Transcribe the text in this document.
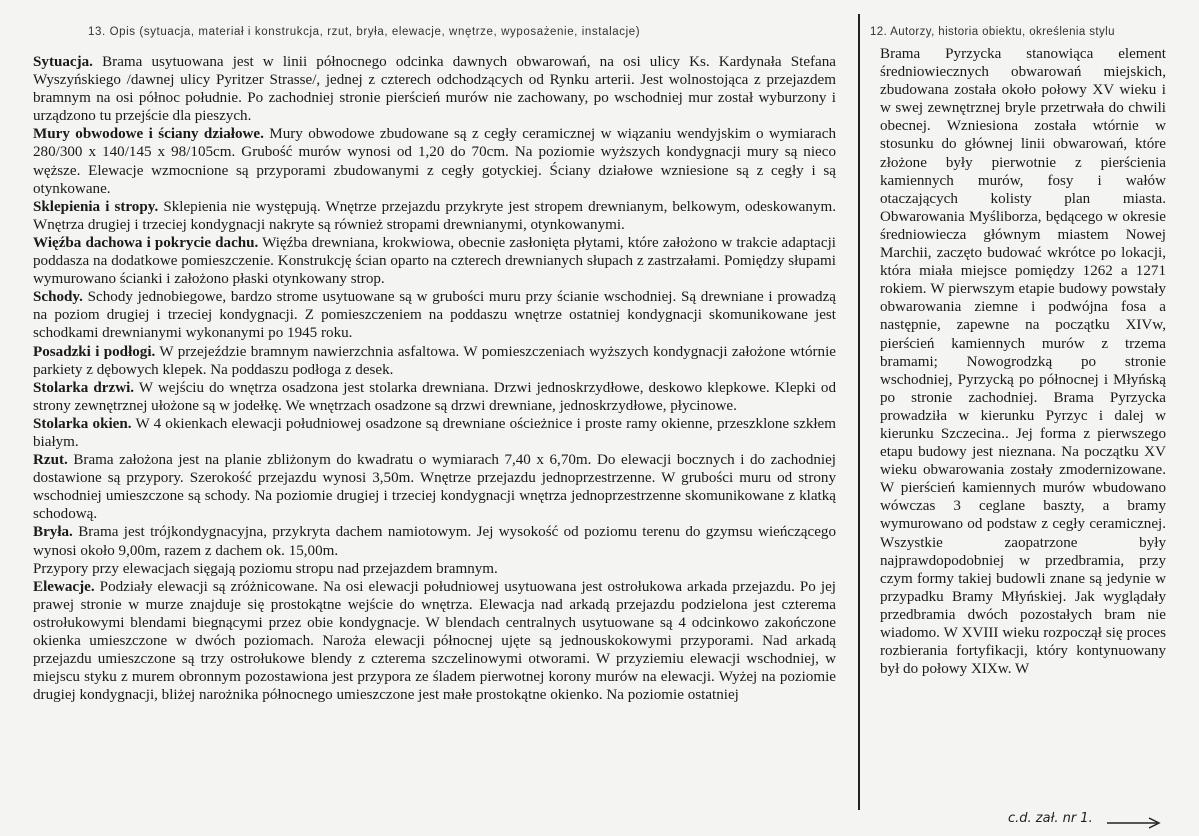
13. Opis (sytuacja, materiał i konstrukcja, rzut, bryła, elewacje, wnętrze, wyposażenie, instalacje)	12. Autorzy, historia obiektu, określenia stylu

Sytuacja. Brama usytuowana jest w linii północnego odcinka dawnych obwarowań, na osi ulicy Ks. Kardynała Stefana Wyszyńskiego /dawnej ulicy Pyritzer Strasse/, jednej z czterech odchodzących od Rynku arterii. Jest wolnostojąca z przejazdem bramnym na osi północ południe. Po zachodniej stronie pierścień murów nie zachowany, po wschodniej mur został wyburzony i urządzono tu przejście dla pieszych.

Mury obwodowe i ściany działowe. Mury obwodowe zbudowane są z cegły ceramicznej w wiązaniu wendyjskim o wymiarach 280/300 x 140/145 x 98/105cm. Grubość murów wynosi od 1,20 do 70cm. Na poziomie wyższych kondygnacji mury są nieco węższe. Elewacje wzmocnione są przyporami zbudowanymi z cegły gotyckiej. Ściany działowe wzniesione są z cegły i są otynkowane.

Sklepienia i stropy. Sklepienia nie występują. Wnętrze przejazdu przykryte jest stropem drewnianym, belkowym, odeskowanym. Wnętrza drugiej i trzeciej kondygnacji nakryte są również stropami drewnianymi, otynkowanymi.

Więźba dachowa i pokrycie dachu. Więźba drewniana, krokwiowa, obecnie zasłonięta płytami, które założono w trakcie adaptacji poddasza na dodatkowe pomieszczenie. Konstrukcję ścian oparto na czterech drewnianych słupach z zastrzałami. Pomiędzy słupami wymurowano ścianki i założono płaski otynkowany strop.

Schody. Schody jednobiegowe, bardzo strome usytuowane są w grubości muru przy ścianie wschodniej. Są drewniane i prowadzą na poziom drugiej i trzeciej kondygnacji. Z pomieszczeniem na poddaszu wnętrze ostatniej kondygnacji skomunikowane jest schodkami drewnianymi wykonanymi po 1945 roku.

Posadzki i podłogi. W przejeździe bramnym nawierzchnia asfaltowa. W pomieszczeniach wyższych kondygnacji założone wtórnie parkiety z dębowych klepek. Na poddaszu podłoga z desek.

Stolarka drzwi. W wejściu do wnętrza osadzona jest stolarka drewniana. Drzwi jednoskrzydłowe, deskowo klepkowe. Klepki od strony zewnętrznej ułożone są w jodełkę. We wnętrzach osadzone są drzwi drewniane, jednoskrzydłowe, płycinowe.

Stolarka okien. W 4 okienkach elewacji południowej osadzone są drewniane ościeżnice i proste ramy okienne, przeszklone szkłem białym.

Rzut. Brama założona jest na planie zbliżonym do kwadratu o wymiarach 7,40 x 6,70m. Do elewacji bocznych i do zachodniej dostawione są przypory. Szerokość przejazdu wynosi 3,50m. Wnętrze przejazdu jednoprzestrzenne. W grubości muru od strony wschodniej umieszczone są schody. Na poziomie drugiej i trzeciej kondygnacji wnętrza jednoprzestrzenne skomunikowane z klatką schodową.

Bryła. Brama jest trójkondygnacyjna, przykryta dachem namiotowym. Jej wysokość od poziomu terenu do gzymsu wieńczącego wynosi około 9,00m, razem z dachem ok. 15,00m.

Przypory przy elewacjach sięgają poziomu stropu nad przejazdem bramnym.

Elewacje. Podziały elewacji są zróżnicowane. Na osi elewacji południowej usytuowana jest ostrołukowa arkada przejazdu. Po jej prawej stronie w murze znajduje się prostokątne wejście do wnętrza. Elewacja nad arkadą przejazdu podzielona jest czterema ostrołukowymi blendami biegnącymi przez obie kondygnacje. W blendach centralnych usytuowane są 4 odcinkowo zakończone okienka umieszczone w dwóch poziomach. Naroża elewacji północnej ujęte są jednouskokowymi przyporami. Nad arkadą przejazdu umieszczone są trzy ostrołukowe blendy z czterema szczelinowymi otworami. W przyziemiu elewacji wschodniej, w miejscu styku z murem obronnym pozostawiona jest przypora ze śladem pierwotnej korony murów na elewacji. Wyżej na poziomie drugiej kondygnacji, bliżej narożnika północnego umieszczone jest małe prostokątne okienko. Na poziomie ostatniej

Brama Pyrzycka stanowiąca element średniowiecznych obwarowań miejskich, zbudowana została około połowy XV wieku i w swej zewnętrznej bryle przetrwała do chwili obecnej. Wzniesiona została wtórnie w stosunku do głównej linii obwarowań, które złożone były pierwotnie z pierścienia kamiennych murów, fosy i wałów otaczających kolisty plan miasta. Obwarowania Myśliborza, będącego w okresie średniowiecza głównym miastem Nowej Marchii, zaczęto budować wkrótce po lokacji, która miała miejsce pomiędzy 1262 a 1271 rokiem. W pierwszym etapie budowy powstały obwarowania ziemne i podwójna fosa a następnie, zapewne na początku XIVw, pierścień kamiennych murów z trzema bramami; Nowogrodzką po stronie wschodniej, Pyrzycką po północnej i Młyńską po stronie zachodniej. Brama Pyrzycka prowadziła w kierunku Pyrzyc i dalej w kierunku Szczecina.. Jej forma z pierwszego etapu budowy jest nieznana. Na początku XV wieku obwarowania zostały zmodernizowane. W pierścień kamiennych murów wbudowano wówczas 3 ceglane baszty, a bramy wymurowano od podstaw z cegły ceramicznej. Wszystkie zaopatrzone były najprawdopodobniej w przedbramia, przy czym formy takiej budowli znane są jedynie w przypadku Bramy Młyńskiej. Jak wyglądały przedbramia dwóch pozostałych bram nie wiadomo. W XVIII wieku rozpoczął się proces rozbierania fortyfikacji, który kontynuowany był do połowy XIXw. W

c.d. zał. nr 1.
